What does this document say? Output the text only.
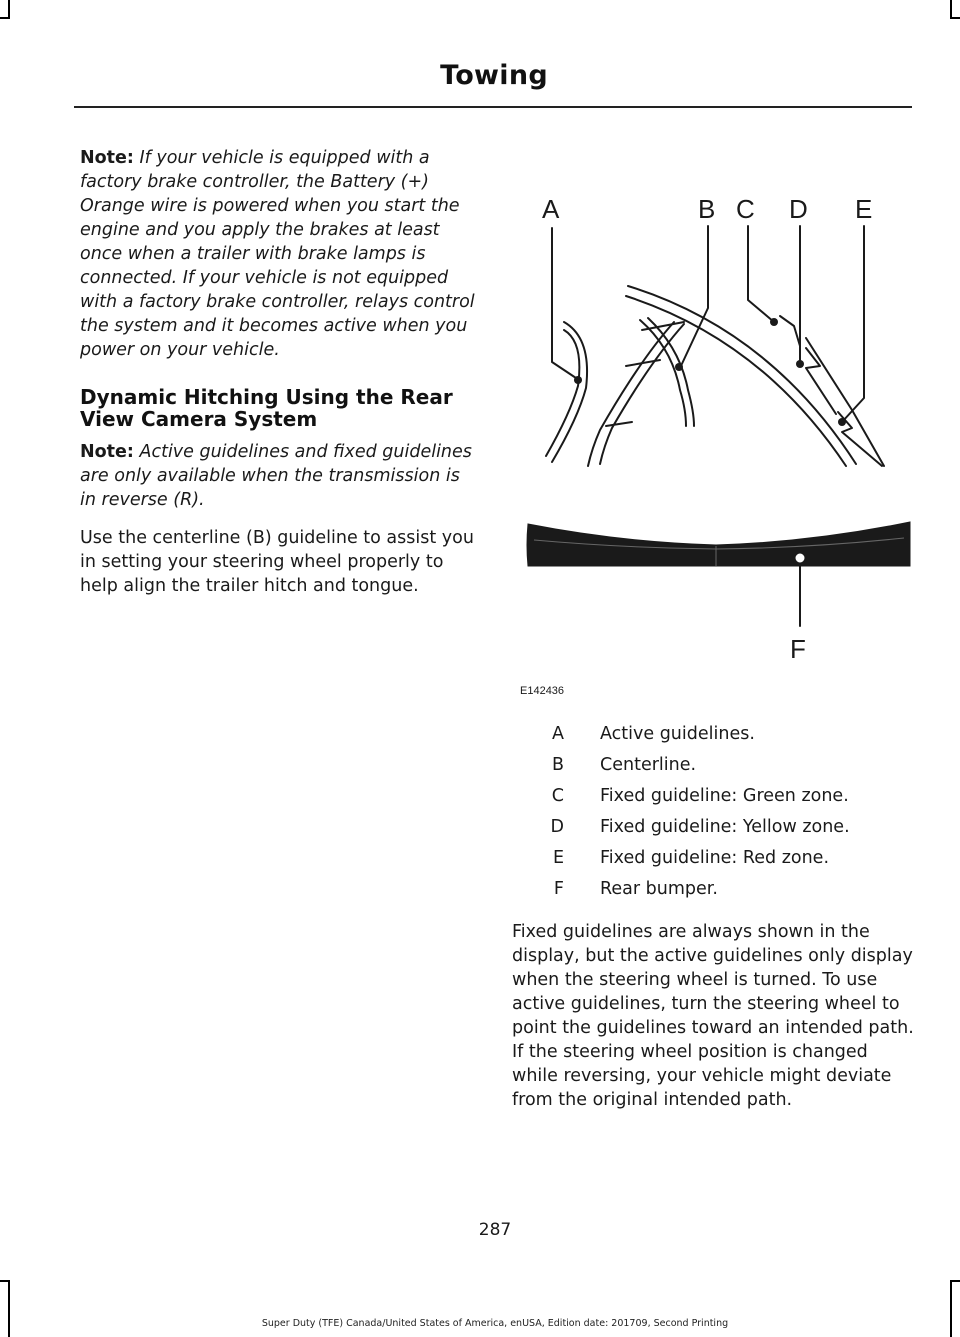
Towing

Note: If your vehicle is equipped with a factory brake controller, the Battery (+) Orange wire is powered when you start the engine and you apply the brakes at least once when a trailer with brake lamps is connected. If your vehicle is not equipped with a factory brake controller, relays control the system and it becomes active when you power on your vehicle.

Dynamic Hitching Using the Rear View Camera System

Note: Active guidelines and fixed guidelines are only available when the transmission is in reverse (R).

Use the centerline (B) guideline to assist you in setting your steering wheel properly to help align the trailer hitch and tongue.

A	B C D E
F
E142436
A	Active guidelines.
B	Centerline.
C	Fixed guideline: Green zone.
D	Fixed guideline: Yellow zone.
E	Fixed guideline: Red zone.
F	Rear bumper.

Fixed guidelines are always shown in the display, but the active guidelines only display when the steering wheel is turned. To use active guidelines, turn the steering wheel to point the guidelines toward an intended path. If the steering wheel position is changed while reversing, your vehicle might deviate from the original intended path.

287
Super Duty (TFE) Canada/United States of America, enUSA, Edition date: 201709, Second Printing
